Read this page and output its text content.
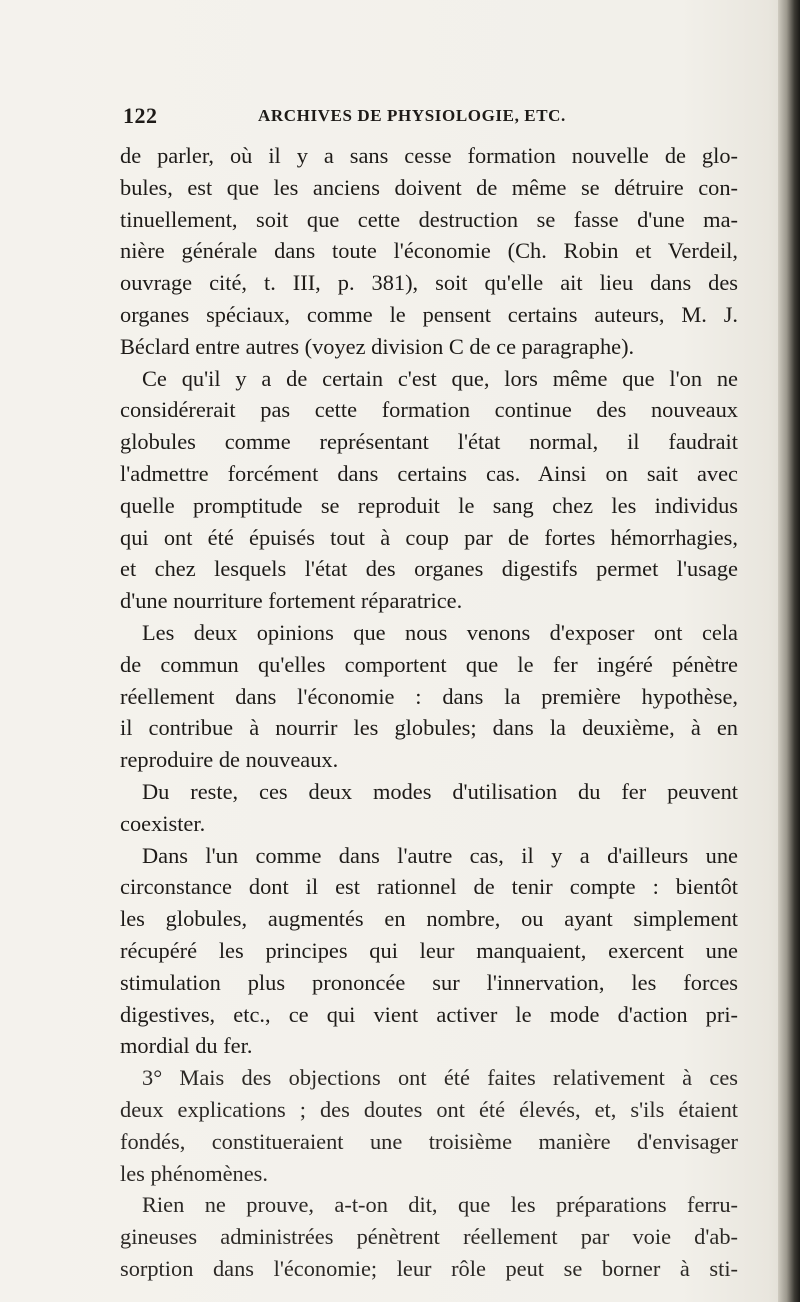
122	ARCHIVES DE PHYSIOLOGIE, ETC.
de parler, où il y a sans cesse formation nouvelle de glo-
bules, est que les anciens doivent de même se détruire con-
tinuellement, soit que cette destruction se fasse d'une ma-
nière générale dans toute l'économie (Ch. Robin et Verdeil,
ouvrage cité, t. III, p. 381), soit qu'elle ait lieu dans des
organes spéciaux, comme le pensent certains auteurs, M. J.
Béclard entre autres (voyez division C de ce paragraphe).
Ce qu'il y a de certain c'est que, lors même que l'on ne
considérerait pas cette formation continue des nouveaux
globules comme représentant l'état normal, il faudrait
l'admettre forcément dans certains cas. Ainsi on sait avec
quelle promptitude se reproduit le sang chez les individus
qui ont été épuisés tout à coup par de fortes hémorrhagies,
et chez lesquels l'état des organes digestifs permet l'usage
d'une nourriture fortement réparatrice.
Les deux opinions que nous venons d'exposer ont cela
de commun qu'elles comportent que le fer ingéré pénètre
réellement dans l'économie : dans la première hypothèse,
il contribue à nourrir les globules; dans la deuxième, à en
reproduire de nouveaux.
Du reste, ces deux modes d'utilisation du fer peuvent
coexister.
Dans l'un comme dans l'autre cas, il y a d'ailleurs une
circonstance dont il est rationnel de tenir compte : bientôt
les globules, augmentés en nombre, ou ayant simplement
récupéré les principes qui leur manquaient, exercent une
stimulation plus prononcée sur l'innervation, les forces
digestives, etc., ce qui vient activer le mode d'action pri-
mordial du fer.
3° Mais des objections ont été faites relativement à ces
deux explications ; des doutes ont été élevés, et, s'ils étaient
fondés, constitueraient une troisième manière d'envisager
les phénomènes.
Rien ne prouve, a-t-on dit, que les préparations ferru-
gineuses administrées pénètrent réellement par voie d'ab-
sorption dans l'économie; leur rôle peut se borner à sti-
